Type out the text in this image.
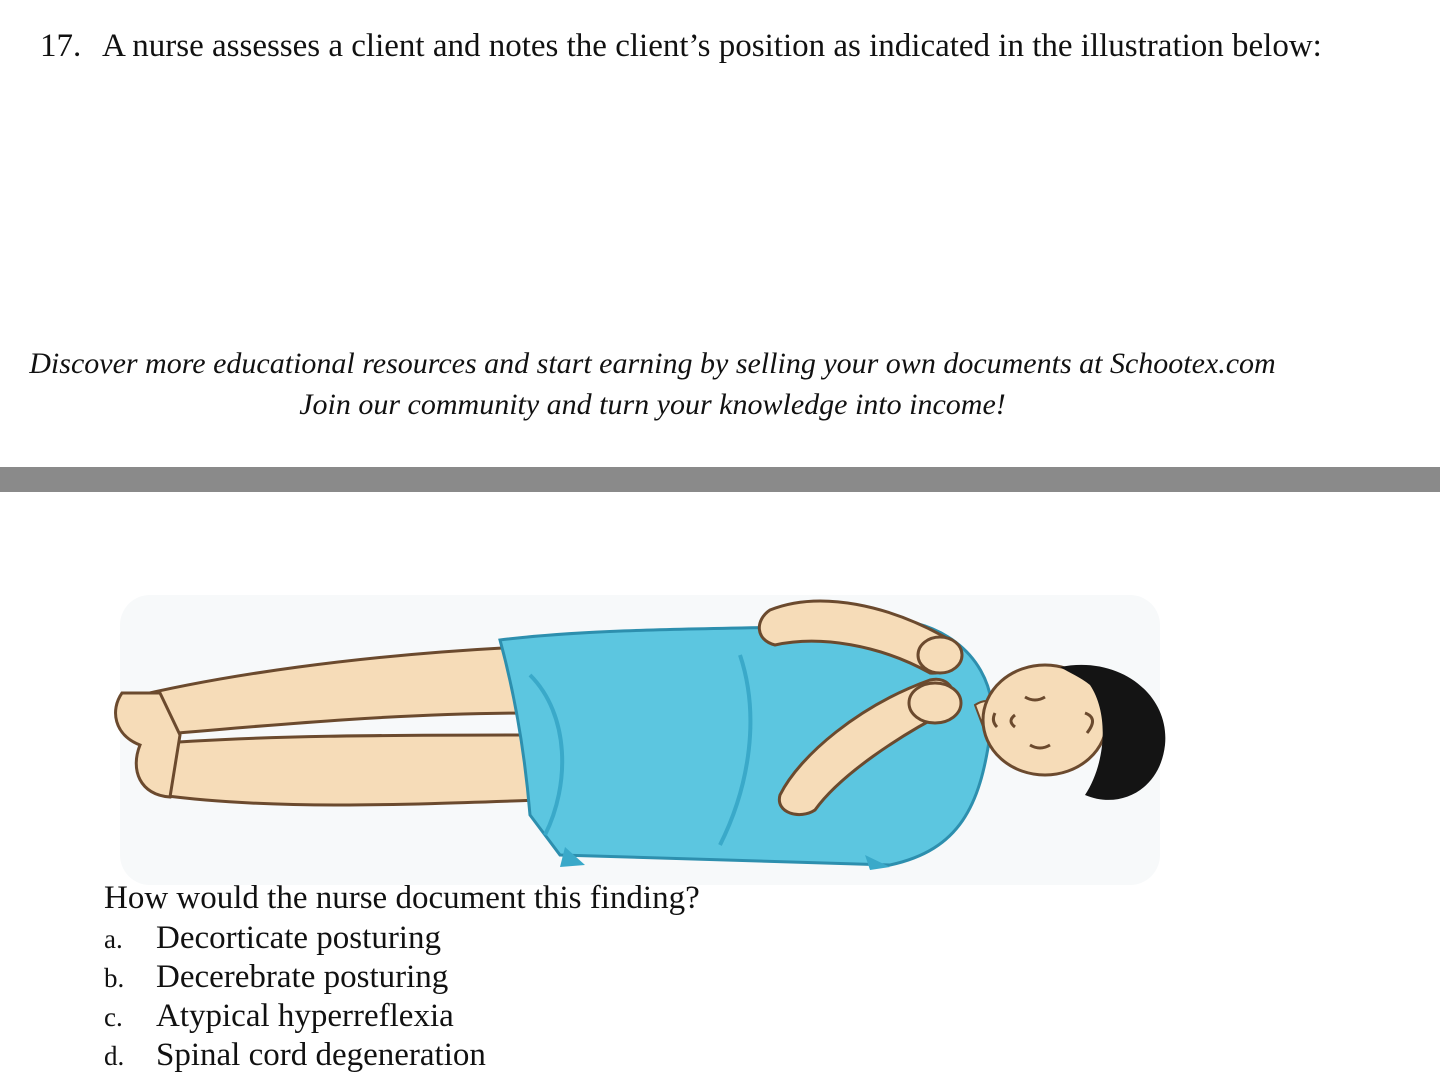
17. A nurse assesses a client and notes the client’s position as indicated in the illustration below:
Discover more educational resources and start earning by selling your own documents at Schootex.com
Join our community and turn your knowledge into income!
How would the nurse document this finding?
a. Decorticate posturing
b. Decerebrate posturing
c. Atypical hyperreflexia
d. Spinal cord degeneration
